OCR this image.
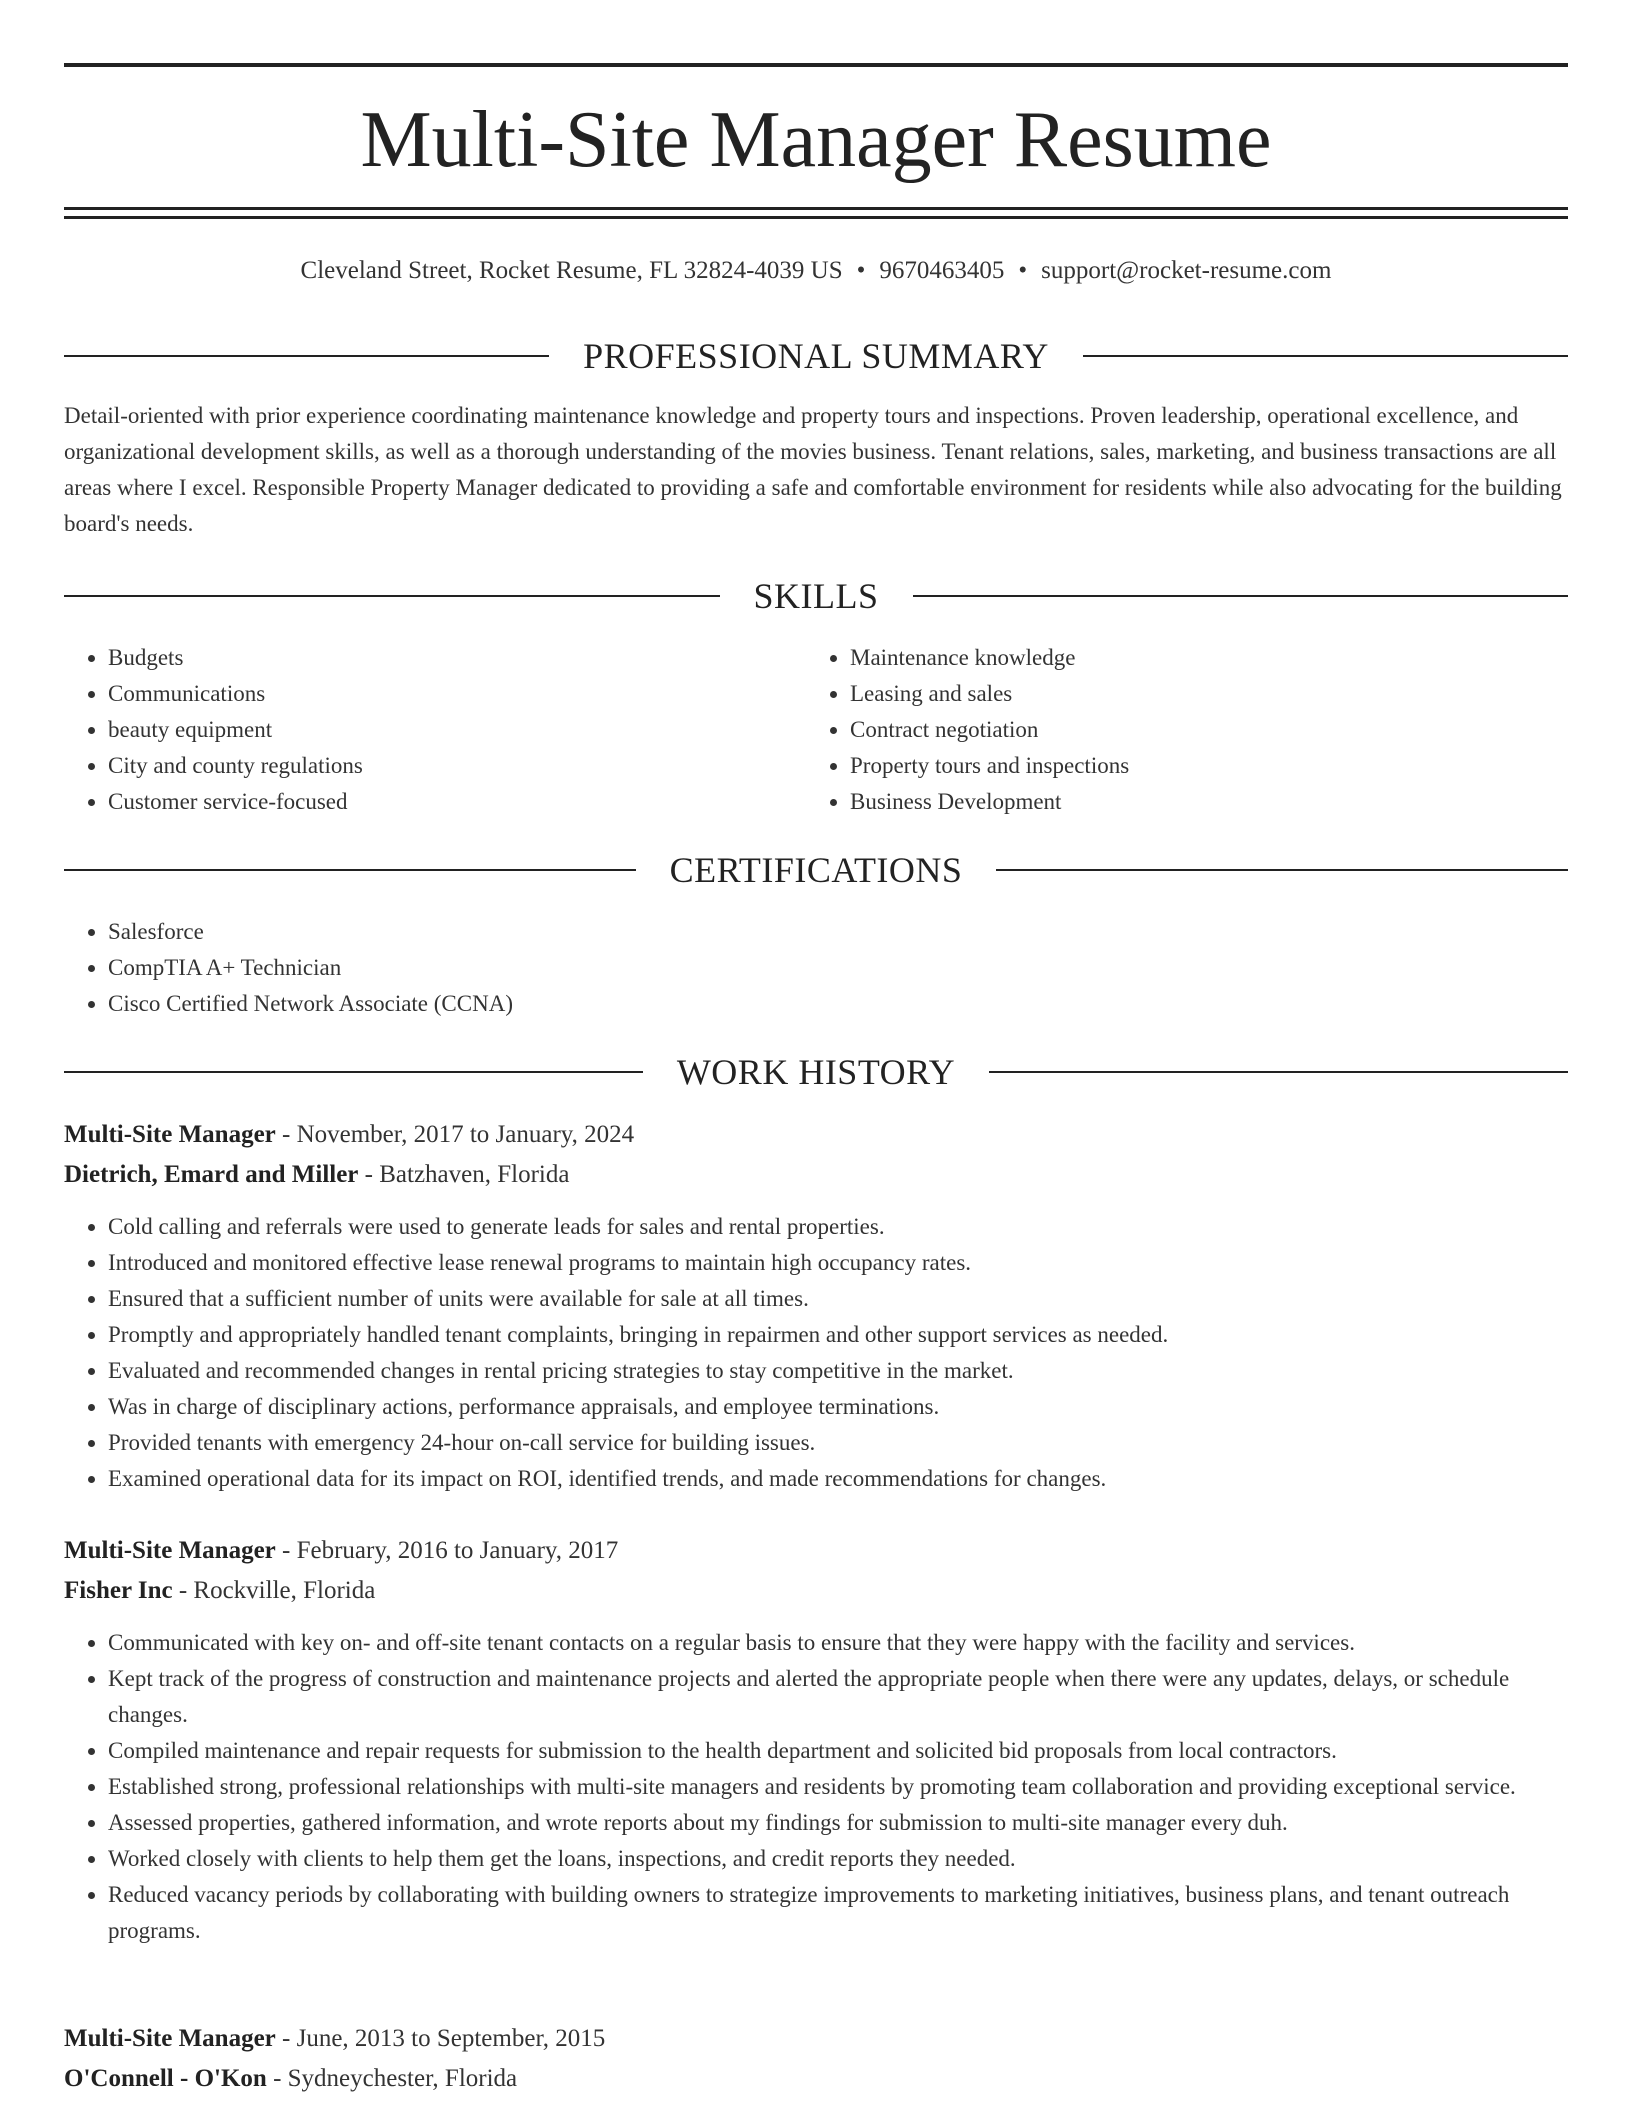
Multi-Site Manager Resume
Cleveland Street, Rocket Resume, FL 32824-4039 US • 9670463405 • support@rocket-resume.com
PROFESSIONAL SUMMARY

Detail-oriented with prior experience coordinating maintenance knowledge and property tours and inspections. Proven leadership, operational excellence, and organizational development skills, as well as a thorough understanding of the movies business. Tenant relations, sales, marketing, and business transactions are all areas where I excel. Responsible Property Manager dedicated to providing a safe and comfortable environment for residents while also advocating for the building board's needs.

SKILLS
• Budgets
• Communications
• beauty equipment
• City and county regulations
• Customer service-focused
• Maintenance knowledge
• Leasing and sales
• Contract negotiation
• Property tours and inspections
• Business Development
CERTIFICATIONS
• Salesforce
• CompTIA A+ Technician
• Cisco Certified Network Associate (CCNA)
WORK HISTORY
Multi-Site Manager - November, 2017 to January, 2024
Dietrich, Emard and Miller - Batzhaven, Florida
• Cold calling and referrals were used to generate leads for sales and rental properties.
• Introduced and monitored effective lease renewal programs to maintain high occupancy rates.
• Ensured that a sufficient number of units were available for sale at all times.
• Promptly and appropriately handled tenant complaints, bringing in repairmen and other support services as needed.
• Evaluated and recommended changes in rental pricing strategies to stay competitive in the market.
• Was in charge of disciplinary actions, performance appraisals, and employee terminations.
• Provided tenants with emergency 24-hour on-call service for building issues.
• Examined operational data for its impact on ROI, identified trends, and made recommendations for changes.
Multi-Site Manager - February, 2016 to January, 2017
Fisher Inc - Rockville, Florida
• Communicated with key on- and off-site tenant contacts on a regular basis to ensure that they were happy with the facility and services.
• Kept track of the progress of construction and maintenance projects and alerted the appropriate people when there were any updates, delays, or schedule changes.
• Compiled maintenance and repair requests for submission to the health department and solicited bid proposals from local contractors.
• Established strong, professional relationships with multi-site managers and residents by promoting team collaboration and providing exceptional service.
• Assessed properties, gathered information, and wrote reports about my findings for submission to multi-site manager every duh.
• Worked closely with clients to help them get the loans, inspections, and credit reports they needed.
• Reduced vacancy periods by collaborating with building owners to strategize improvements to marketing initiatives, business plans, and tenant outreach programs.
Multi-Site Manager - June, 2013 to September, 2015
O'Connell - O'Kon - Sydneychester, Florida
